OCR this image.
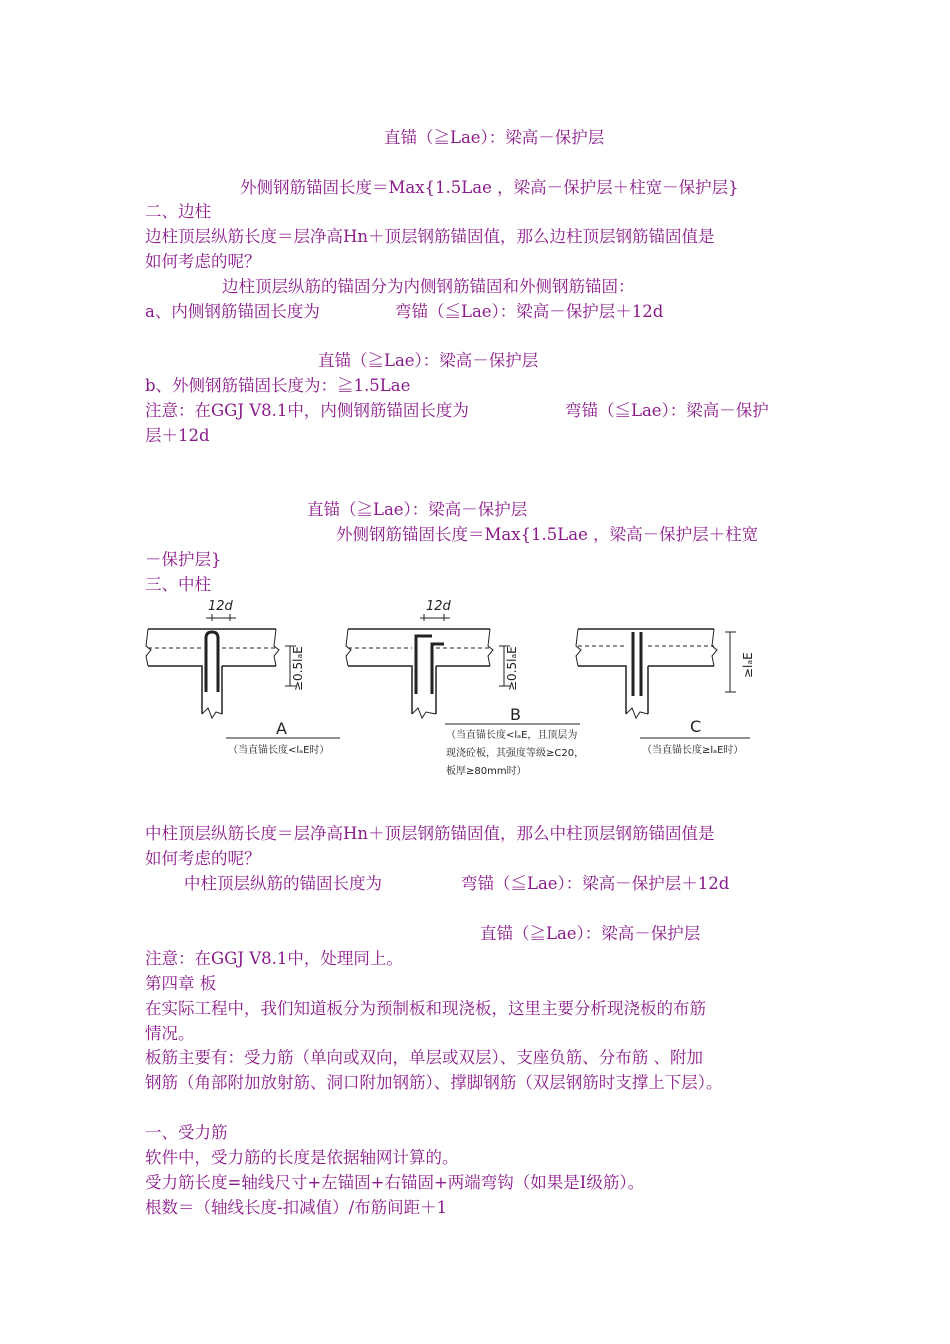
直锚（≧Lae）：梁高－保护层
外侧钢筋锚固长度＝Max{1.5Lae ，梁高－保护层＋柱宽－保护层}
二、边柱
边柱顶层纵筋长度＝层净高Hn＋顶层钢筋锚固值，那么边柱顶层钢筋锚固值是
如何考虑的呢？
边柱顶层纵筋的锚固分为内侧钢筋锚固和外侧钢筋锚固：
a、内侧钢筋锚固长度为	弯锚（≦Lae）：梁高－保护层＋12d
直锚（≧Lae）：梁高－保护层
b、外侧钢筋锚固长度为：≧1.5Lae
注意：在GGJ V8.1中，内侧钢筋锚固长度为	弯锚（≦Lae）：梁高－保护
层＋12d
直锚（≧Lae）：梁高－保护层
外侧钢筋锚固长度＝Max{1.5Lae ，梁高－保护层＋柱宽
－保护层}
三、中柱
12d
≥0.5lₐE
A
（当直锚长度<lₐE时）
12d
≥0.5lₐE
B
（当直锚长度<lₐE，且顶层为
现浇砼板，其强度等级≥C20，
板厚≥80mm时）
≥lₐE
C
（当直锚长度≥lₐE时）
中柱顶层纵筋长度＝层净高Hn＋顶层钢筋锚固值，那么中柱顶层钢筋锚固值是
如何考虑的呢？
中柱顶层纵筋的锚固长度为	弯锚（≦Lae）：梁高－保护层＋12d
直锚（≧Lae）：梁高－保护层
注意：在GGJ V8.1中，处理同上。
第四章 板
在实际工程中，我们知道板分为预制板和现浇板，这里主要分析现浇板的布筋
情况。
板筋主要有：受力筋（单向或双向，单层或双层）、支座负筋、分布筋 、附加
钢筋（角部附加放射筋、洞口附加钢筋）、撑脚钢筋（双层钢筋时支撑上下层）。
一、受力筋
软件中，受力筋的长度是依据轴网计算的。
受力筋长度=轴线尺寸+左锚固+右锚固+两端弯钩（如果是Ⅰ级筋）。
根数＝（轴线长度-扣减值）/布筋间距＋1
